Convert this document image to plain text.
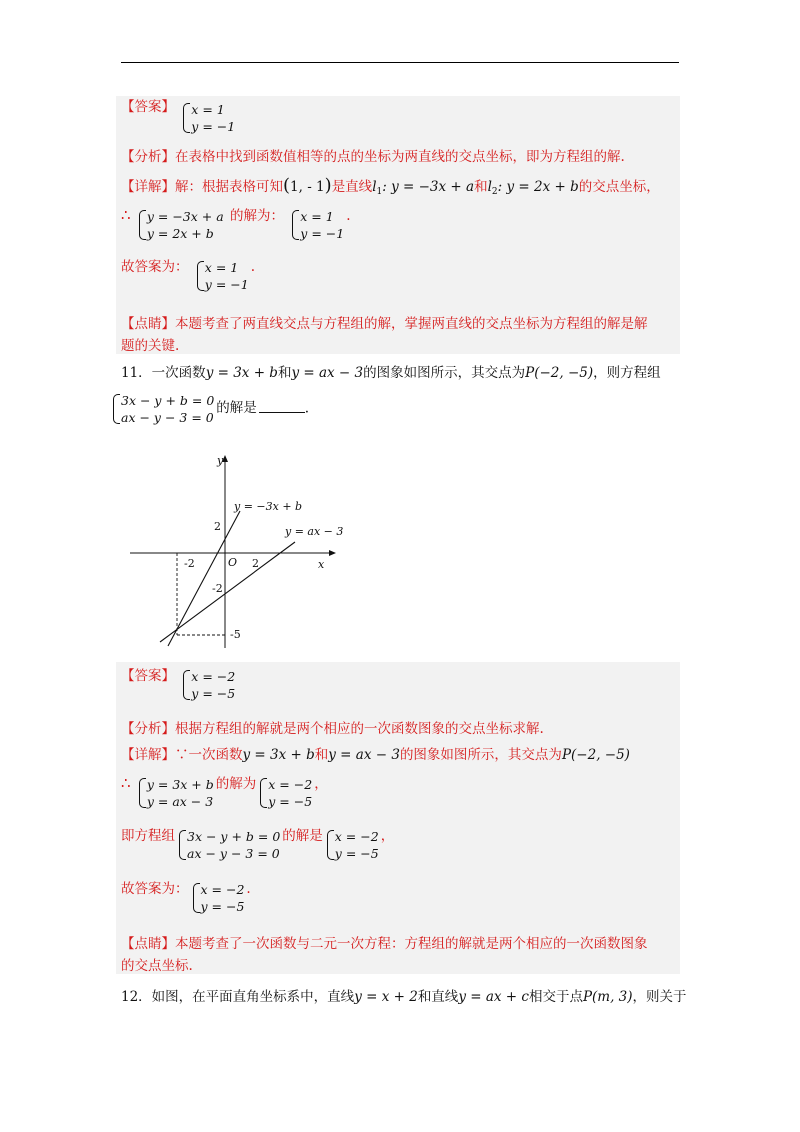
【答案】 x = 1
y = −1
【分析】在表格中找到函数值相等的点的坐标为两直线的交点坐标，即为方程组的解.
【详解】解：根据表格可知(1, - 1)是直线$l_1$: y = −3x + a和$l_2$: y = 2x + b的交点坐标，
∴ y = −3x + a
y = 2x + b
的解为： x = 1
y = −1
.
故答案为： x = 1
y = −1
.
【点睛】本题考查了两直线交点与方程组的解，掌握两直线的交点坐标为方程组的解是解
题的关键.
11．一次函数y = 3x + b和y = ax − 3的图象如图所示，其交点为P(−2, −5)，则方程组
3x − y + b = 0
ax − y − 3 = 0
的解是	.
y
x
O
y = −3x + b
y = ax − 3
2
-2	2
-2
-5
【答案】 x = −2
y = −5
【分析】根据方程组的解就是两个相应的一次函数图象的交点坐标求解.
【详解】∵一次函数y = 3x + b和y = ax − 3的图象如图所示，其交点为P(−2, −5)
∴ y = 3x + b
y = ax − 3
的解为 x = −2
y = −5
，
即方程组 3x − y + b = 0
ax − y − 3 = 0
的解是 x = −2
y = −5
，
故答案为： x = −2
y = −5
.
【点睛】本题考查了一次函数与二元一次方程：方程组的解就是两个相应的一次函数图象
的交点坐标.
12．如图，在平面直角坐标系中，直线y = x + 2和直线y = ax + c相交于点P(m, 3)，则关于
